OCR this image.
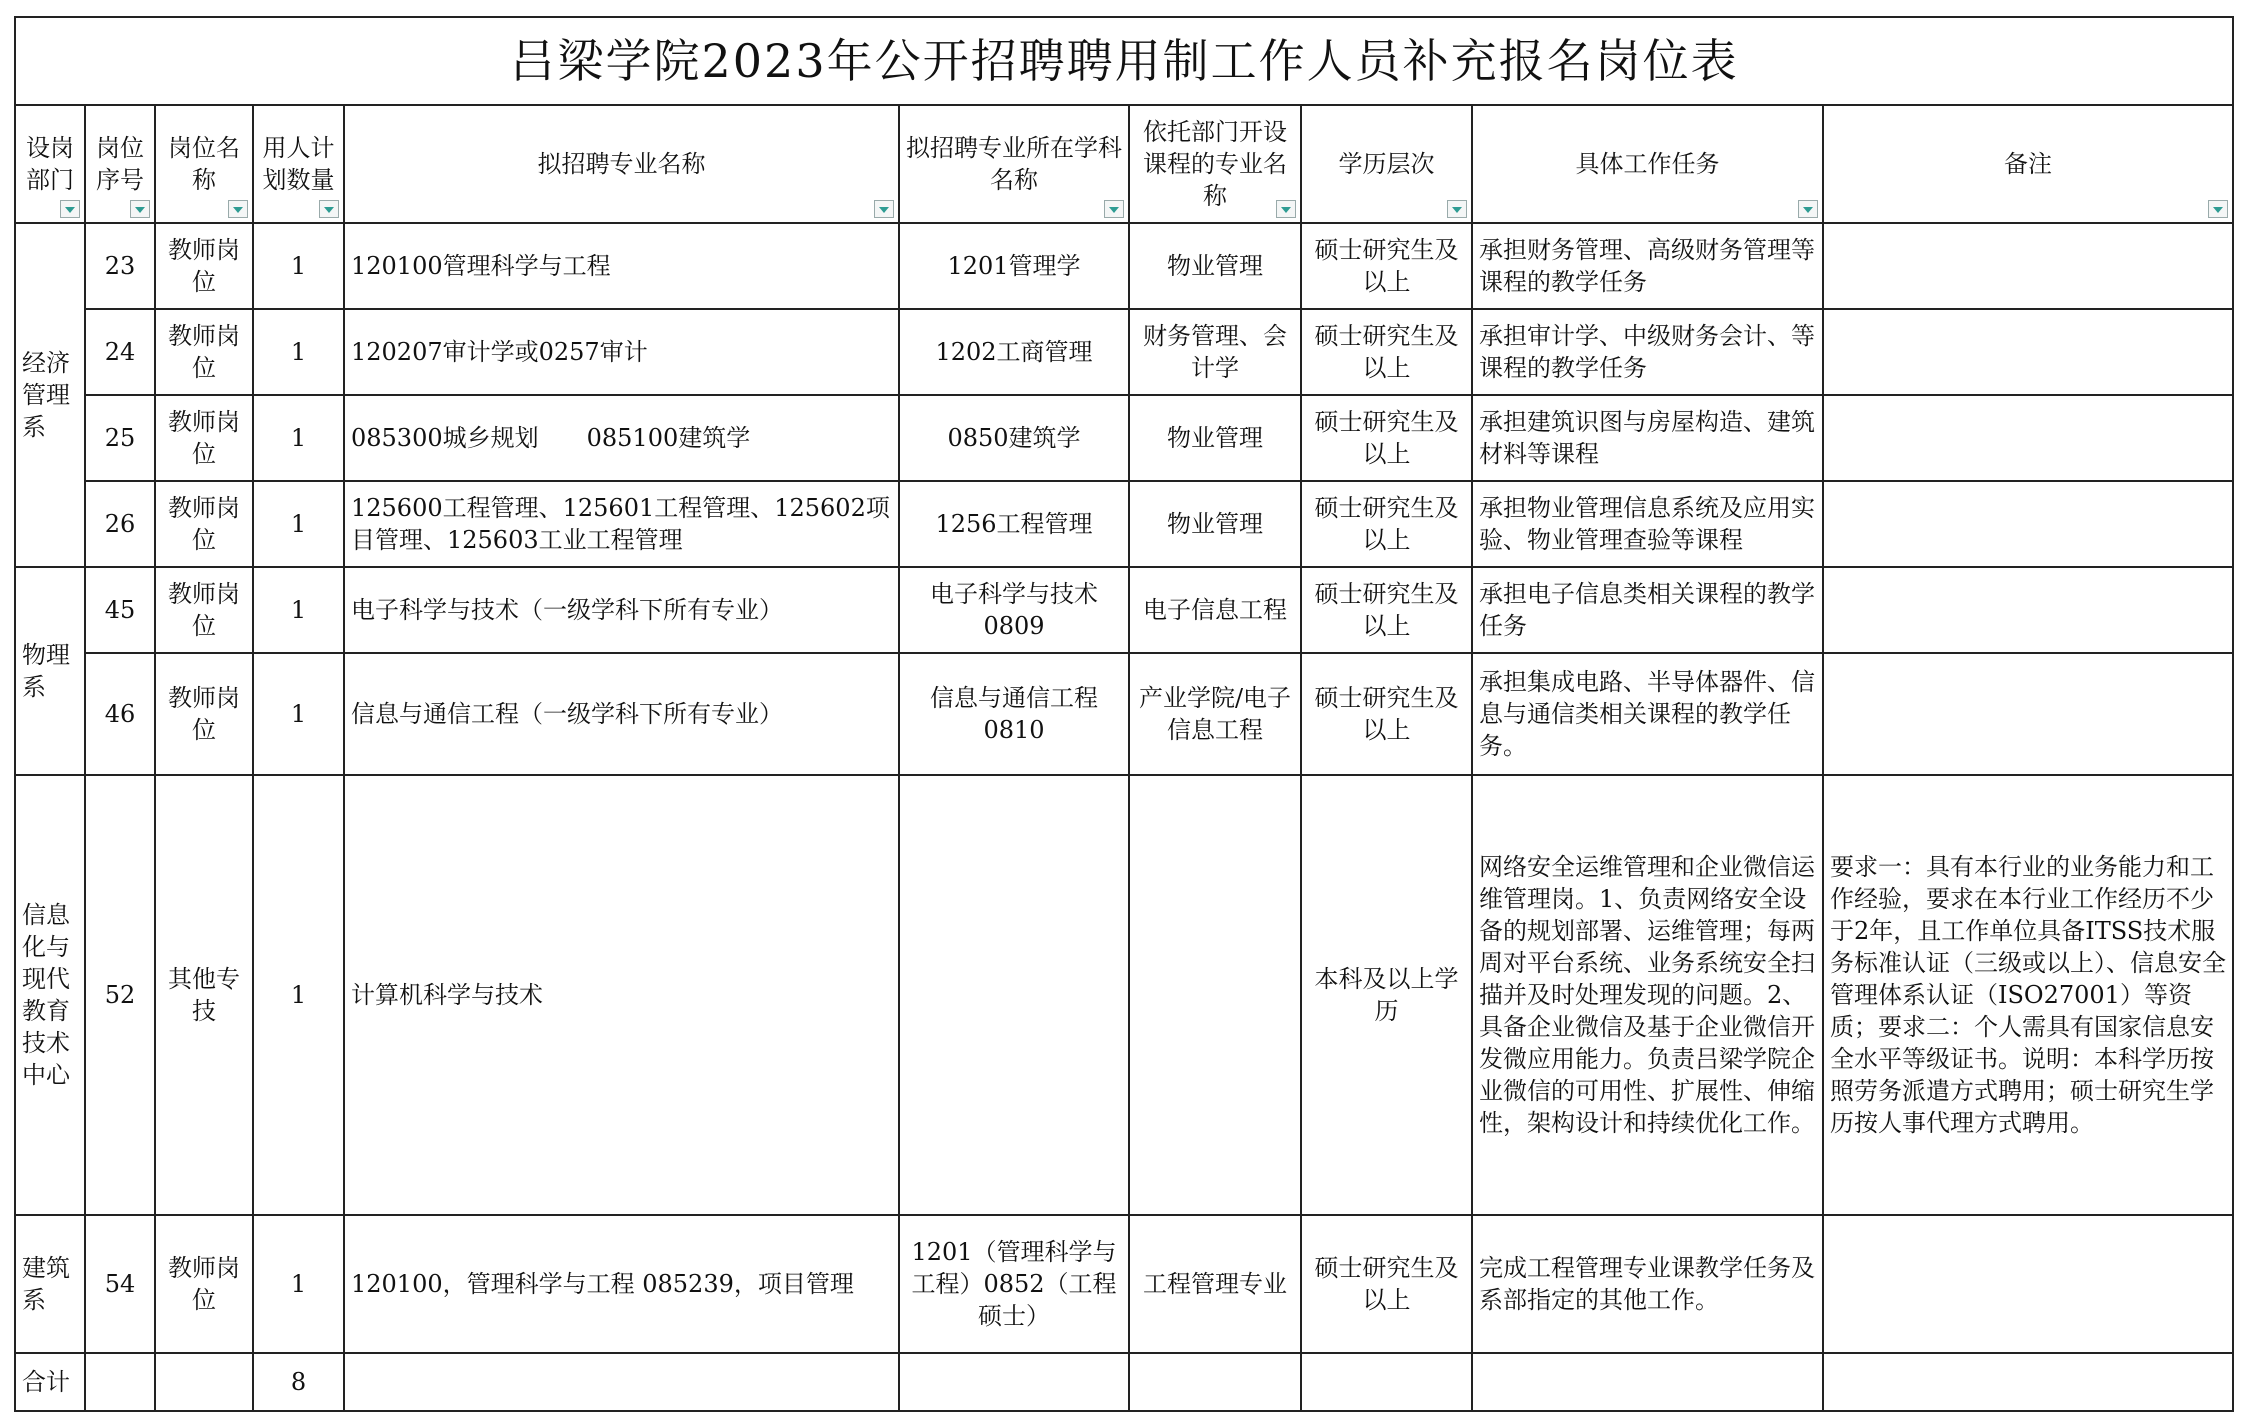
吕梁学院2023年公开招聘聘用制工作人员补充报名岗位表									
设岗部门	岗位序号	岗位名称	用人计划数量	拟招聘专业名称	拟招聘专业所在学科名称	依托部门开设课程的专业名称	学历层次	具体工作任务	备注

经济管理系	23	教师岗位	1	120100管理科学与工程	1201管理学	物业管理	硕士研究生及以上	承担财务管理、高级财务管理等课程的教学任务	
	24	教师岗位	1	120207审计学或0257审计	1202工商管理	财务管理、会计学	硕士研究生及以上	承担审计学、中级财务会计、等课程的教学任务	
	25	教师岗位	1	085300城乡规划　　085100建筑学	0850建筑学	物业管理	硕士研究生及以上	承担建筑识图与房屋构造、建筑材料等课程	
	26	教师岗位	1	125600工程管理、125601工程管理、125602项目管理、125603工业工程管理	1256工程管理	物业管理	硕士研究生及以上	承担物业管理信息系统及应用实验、物业管理查验等课程	
物理系	45	教师岗位	1	电子科学与技术（一级学科下所有专业）	电子科学与技术0809	电子信息工程	硕士研究生及以上	承担电子信息类相关课程的教学任务	
	46	教师岗位	1	信息与通信工程（一级学科下所有专业）	信息与通信工程0810	产业学院/电子信息工程	硕士研究生及以上	承担集成电路、半导体器件、信息与通信类相关课程的教学任务。	
信息化与现代教育技术中心	52	其他专技	1	计算机科学与技术			本科及以上学历	网络安全运维管理和企业微信运维管理岗。1、负责网络安全设备的规划部署、运维管理；每两周对平台系统、业务系统安全扫描并及时处理发现的问题。2、具备企业微信及基于企业微信开发微应用能力。负责吕梁学院企业微信的可用性、扩展性、伸缩性，架构设计和持续优化工作。	要求一：具有本行业的业务能力和工作经验，要求在本行业工作经历不少于2年，且工作单位具备ITSS技术服务标准认证（三级或以上）、信息安全管理体系认证（ISO27001）等资质；要求二：个人需具有国家信息安全水平等级证书。说明：本科学历按照劳务派遣方式聘用；硕士研究生学历按人事代理方式聘用。
建筑系	54	教师岗位	1	120100，管理科学与工程 085239，项目管理	1201（管理科学与工程）0852（工程硕士）	工程管理专业	硕士研究生及以上	完成工程管理专业课教学任务及系部指定的其他工作。	
合计			8						
